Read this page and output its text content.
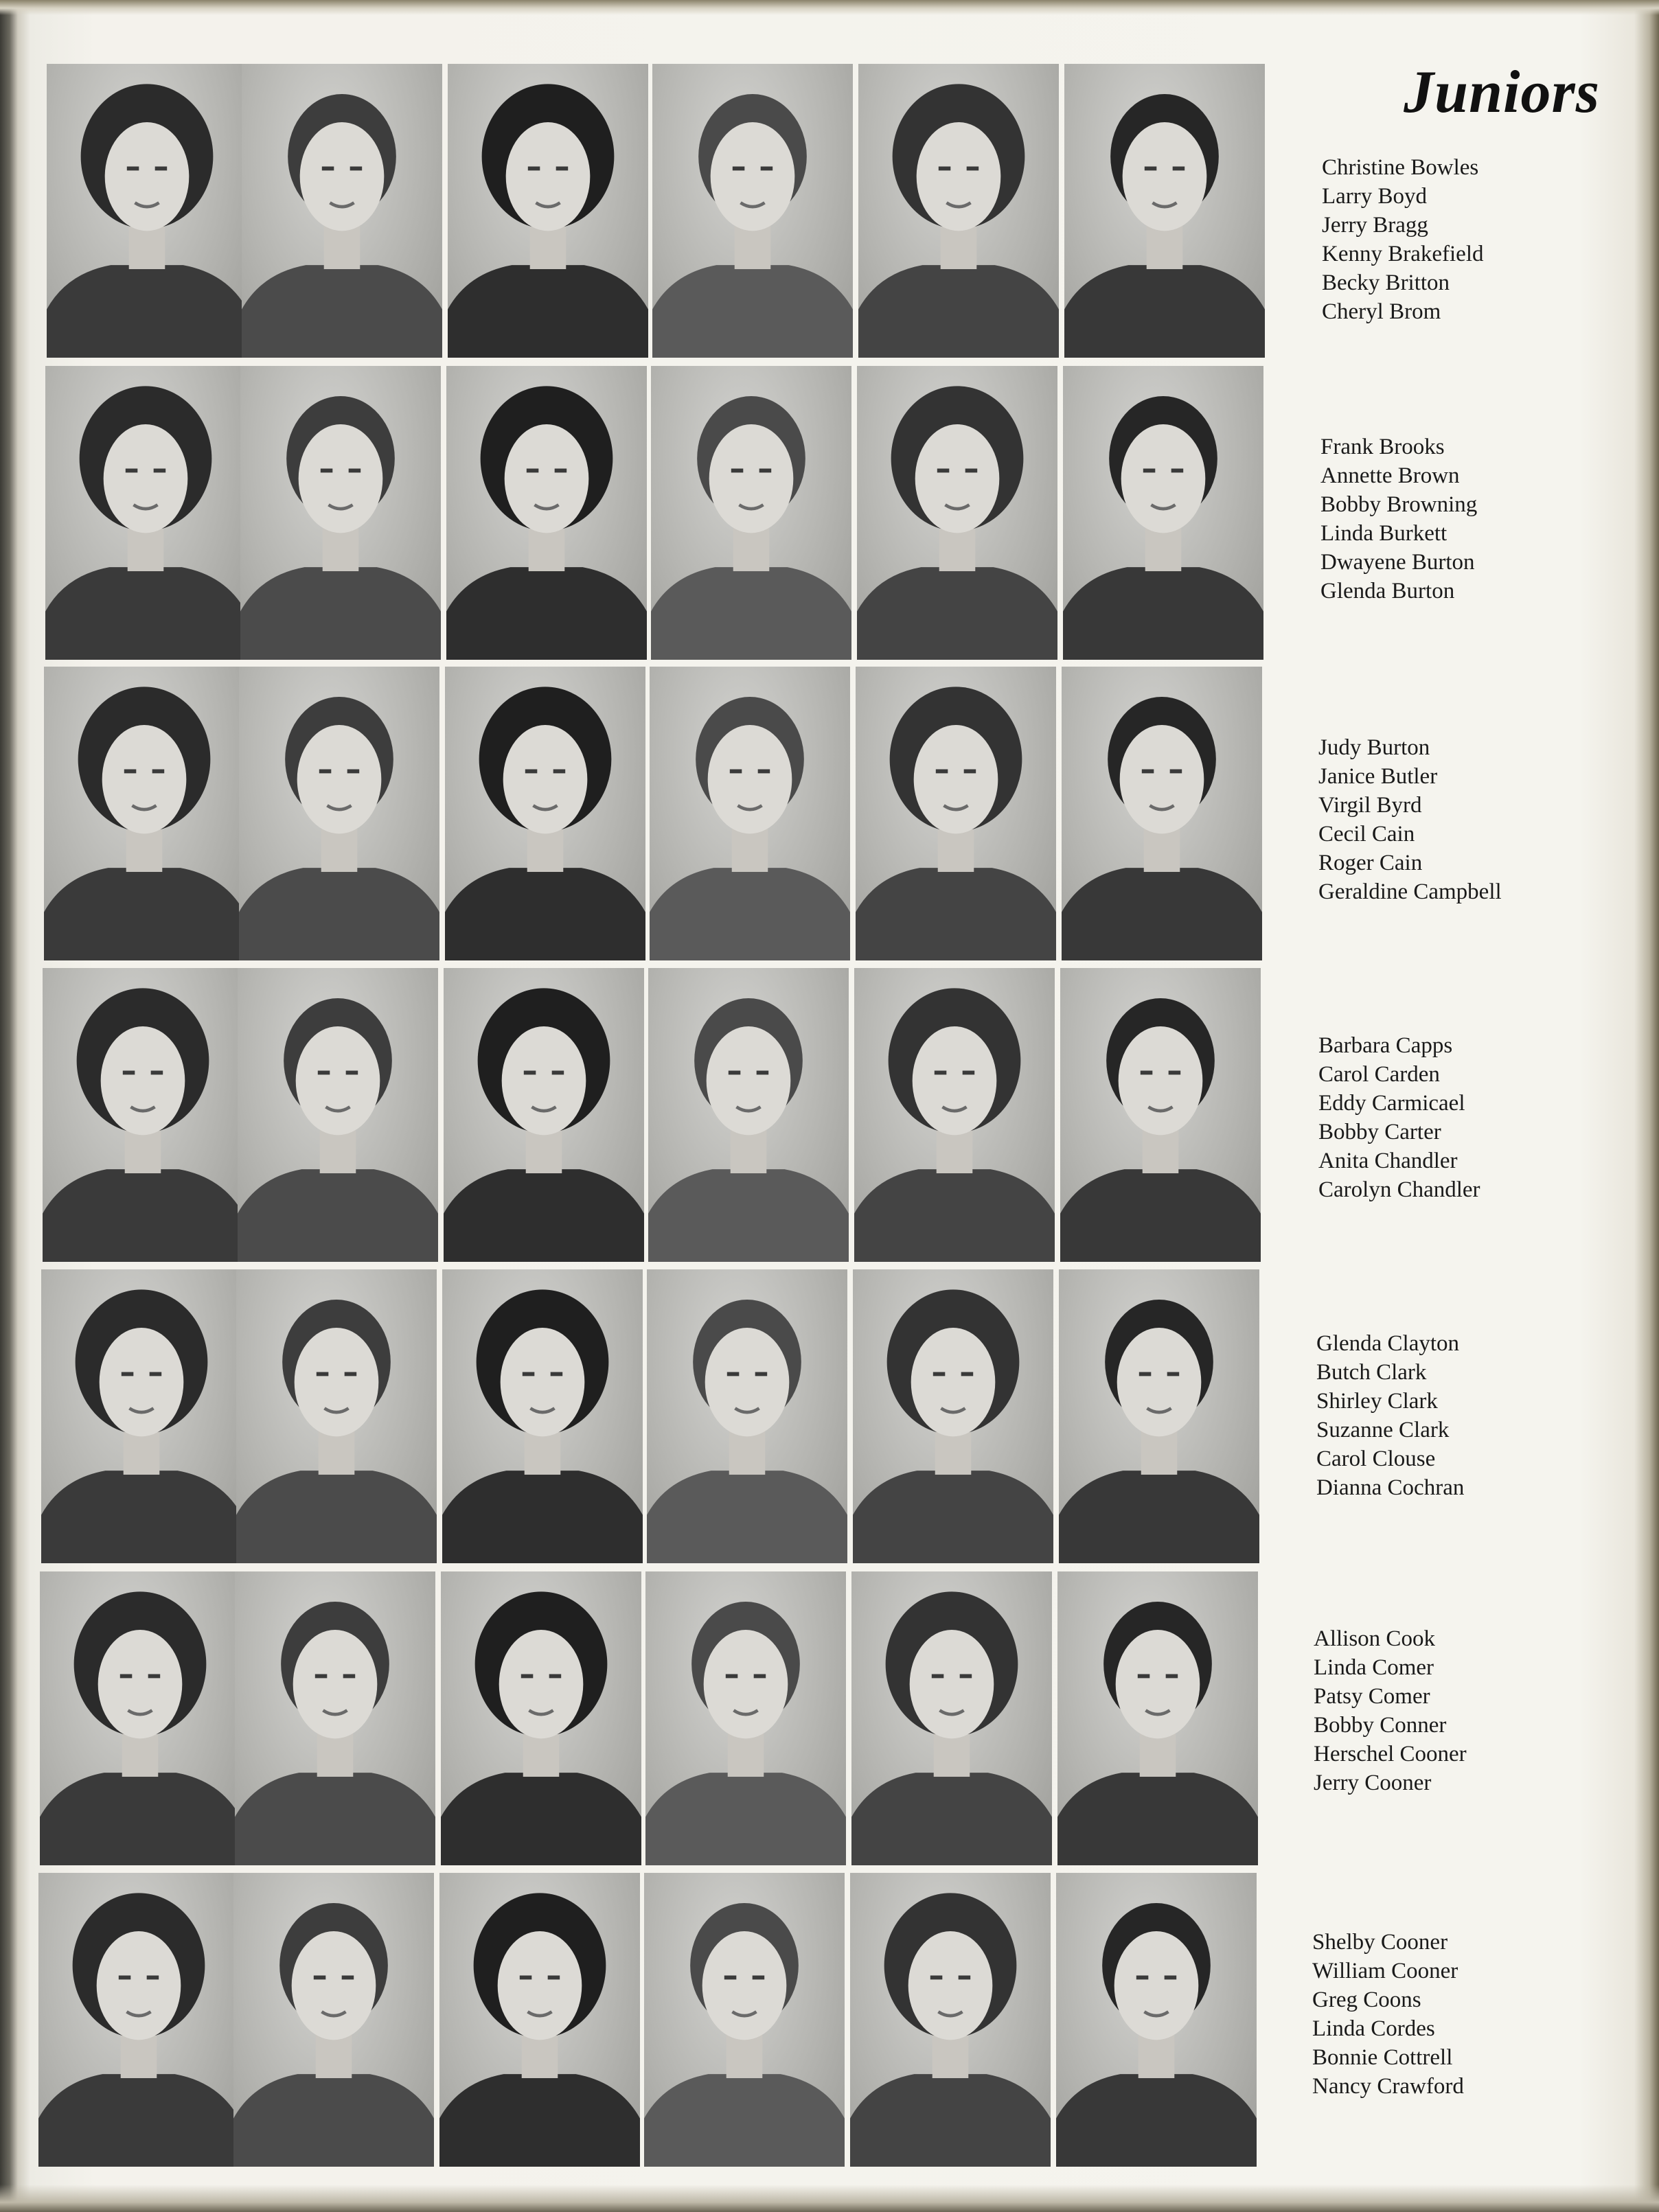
Juniors
Christine Bowles
Larry Boyd
Jerry Bragg
Kenny Brakefield
Becky Britton
Cheryl Brom
Frank Brooks
Annette Brown
Bobby Browning
Linda Burkett
Dwayene Burton
Glenda Burton
Judy Burton
Janice Butler
Virgil Byrd
Cecil Cain
Roger Cain
Geraldine Campbell
Barbara Capps
Carol Carden
Eddy Carmicael
Bobby Carter
Anita Chandler
Carolyn Chandler
Glenda Clayton
Butch Clark
Shirley Clark
Suzanne Clark
Carol Clouse
Dianna Cochran
Allison Cook
Linda Comer
Patsy Comer
Bobby Conner
Herschel Cooner
Jerry Cooner
Shelby Cooner
William Cooner
Greg Coons
Linda Cordes
Bonnie Cottrell
Nancy Crawford
